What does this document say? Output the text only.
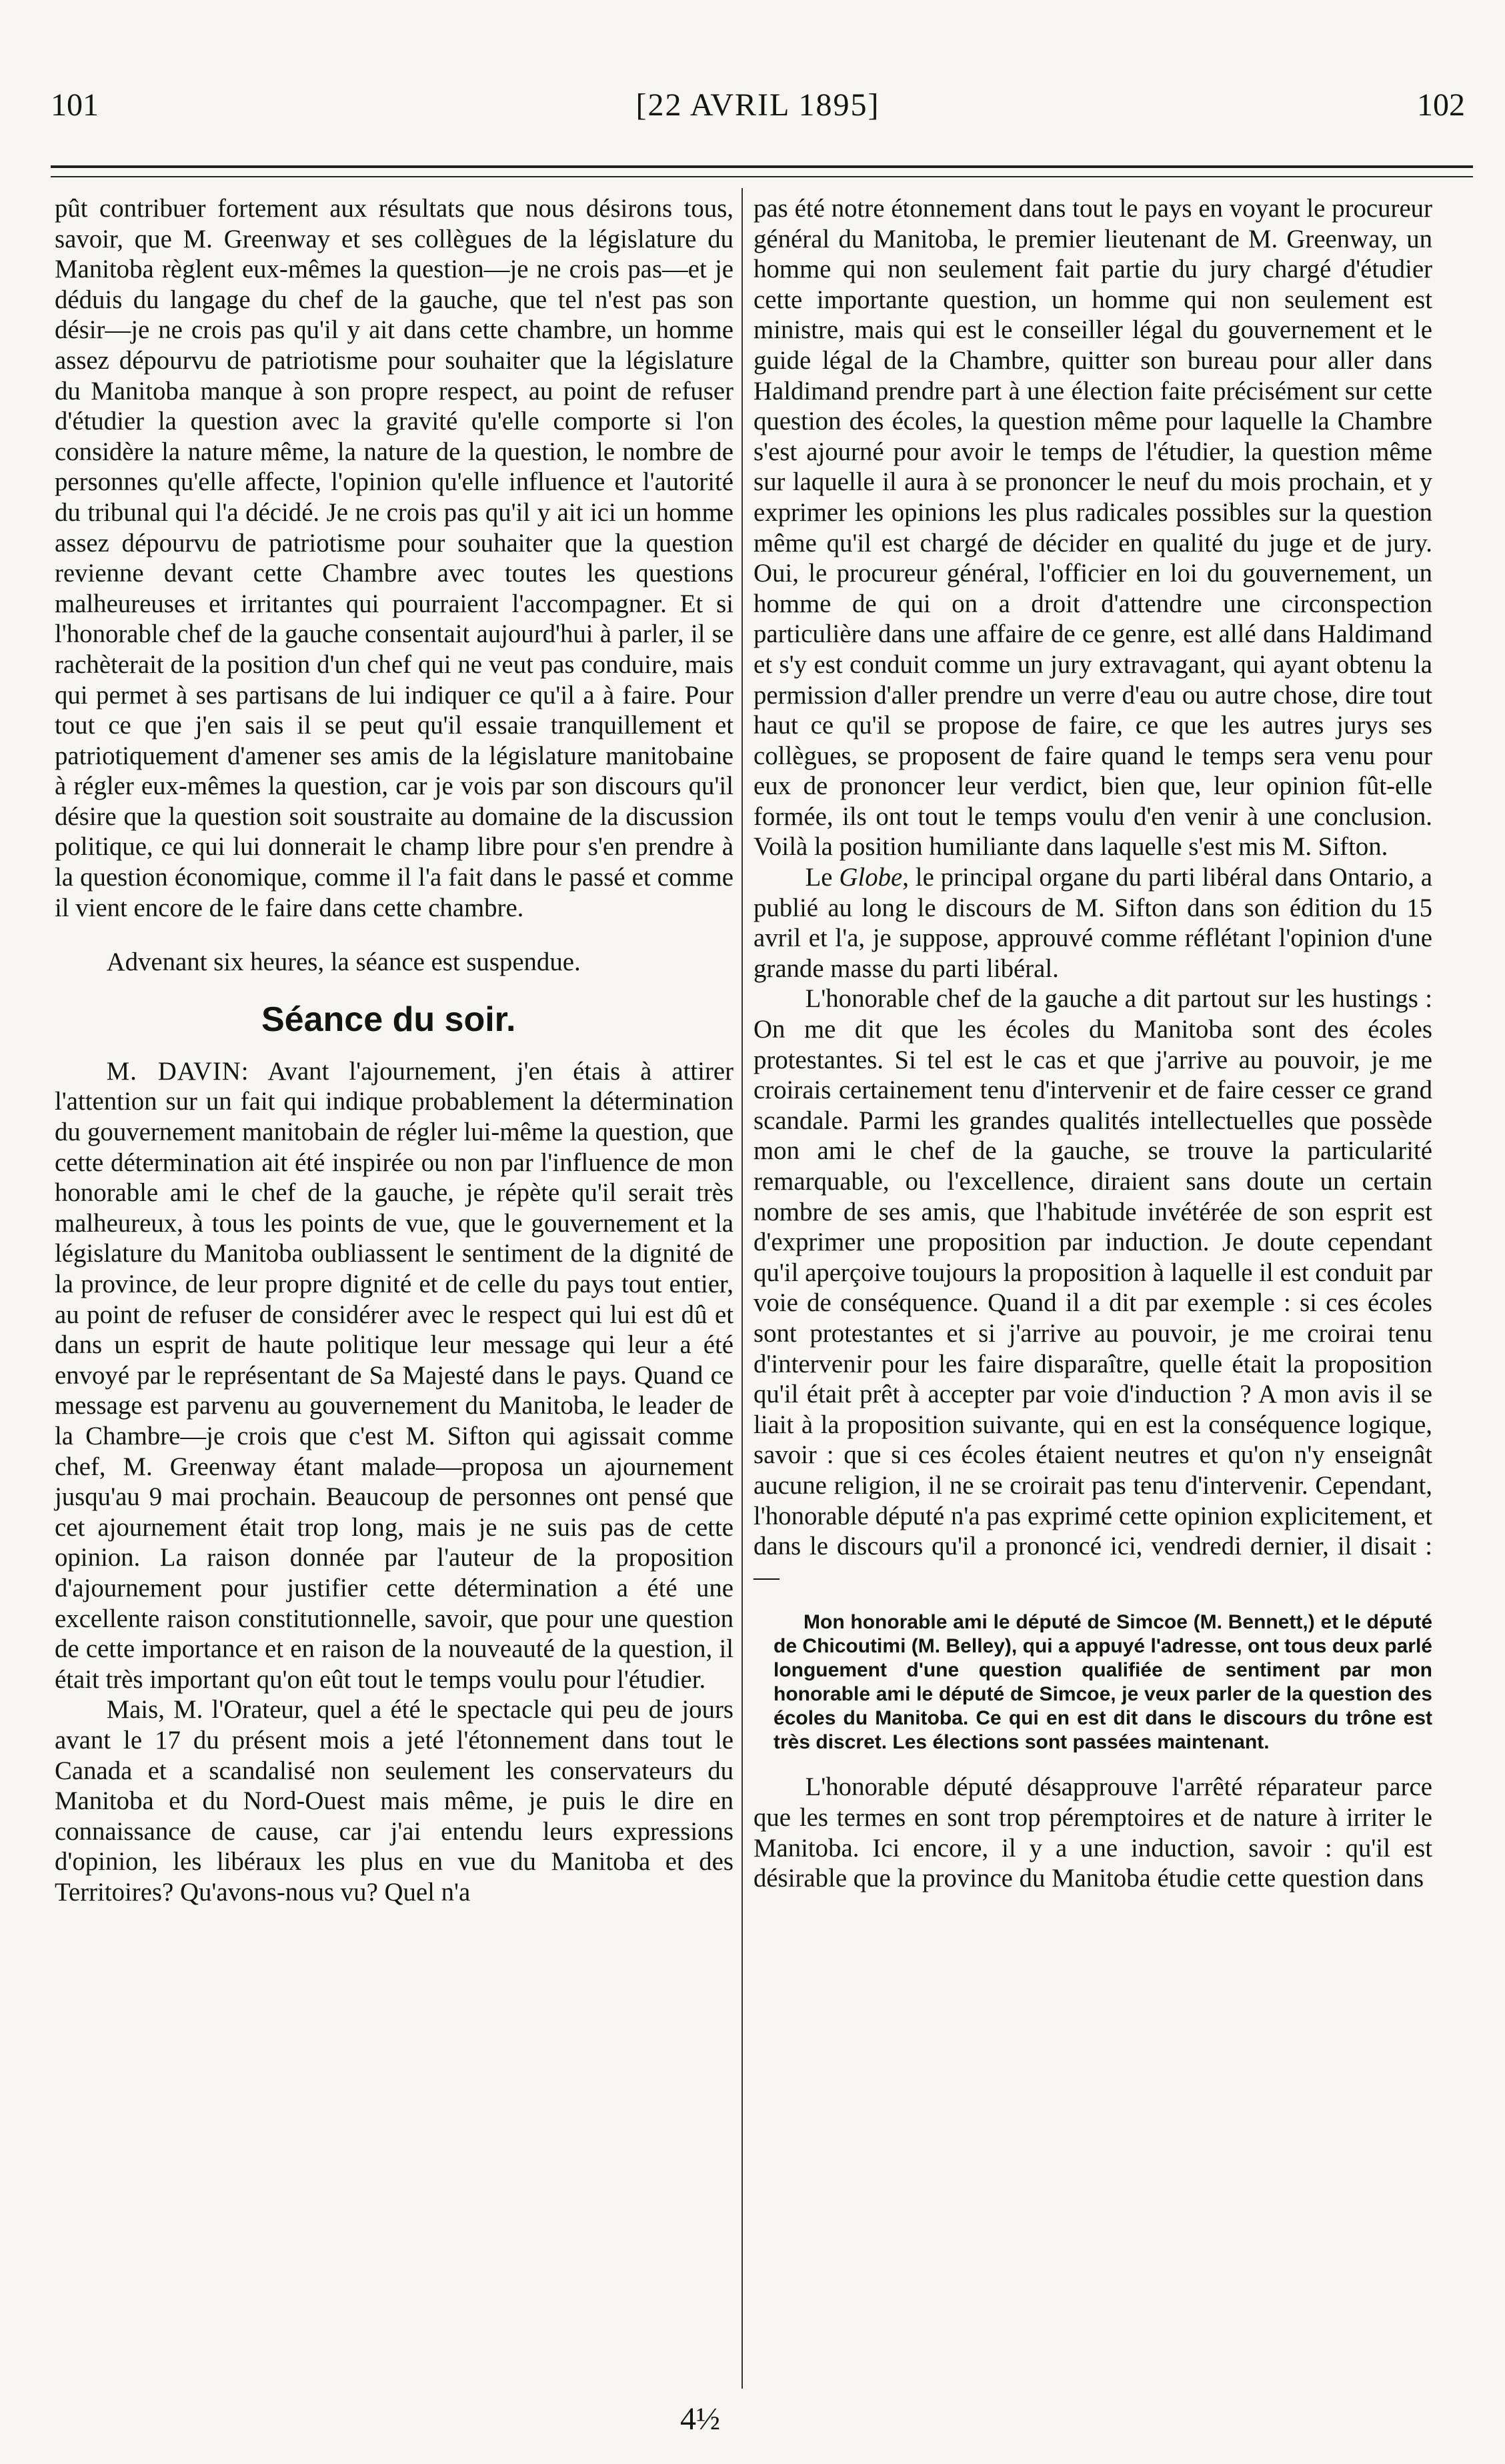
101	[22 AVRIL 1895]	102

pût contribuer fortement aux résultats que nous désirons tous, savoir, que M. Greenway et ses collègues de la législature du Manitoba règlent eux-mêmes la question—je ne crois pas—et je déduis du langage du chef de la gauche, que tel n'est pas son désir—je ne crois pas qu'il y ait dans cette chambre, un homme assez dépourvu de patriotisme pour souhaiter que la législature du Manitoba manque à son propre respect, au point de refuser d'étudier la question avec la gravité qu'elle comporte si l'on considère la nature même, la nature de la question, le nombre de personnes qu'elle affecte, l'opinion qu'elle influence et l'autorité du tribunal qui l'a décidé. Je ne crois pas qu'il y ait ici un homme assez dépourvu de patriotisme pour souhaiter que la question revienne devant cette Chambre avec toutes les questions malheureuses et irritantes qui pourraient l'accompagner. Et si l'honorable chef de la gauche consentait aujourd'hui à parler, il se rachèterait de la position d'un chef qui ne veut pas conduire, mais qui permet à ses partisans de lui indiquer ce qu'il a à faire. Pour tout ce que j'en sais il se peut qu'il essaie tranquillement et patriotiquement d'amener ses amis de la législature manitobaine à régler eux-mêmes la question, car je vois par son discours qu'il désire que la question soit soustraite au domaine de la discussion politique, ce qui lui donnerait le champ libre pour s'en prendre à la question économique, comme il l'a fait dans le passé et comme il vient encore de le faire dans cette chambre.

Advenant six heures, la séance est suspendue.

Séance du soir.

M. DAVIN: Avant l'ajournement, j'en étais à attirer l'attention sur un fait qui indique probablement la détermination du gouvernement manitobain de régler lui-même la question, que cette détermination ait été inspirée ou non par l'influence de mon honorable ami le chef de la gauche, je répète qu'il serait très malheureux, à tous les points de vue, que le gouvernement et la législature du Manitoba oubliassent le sentiment de la dignité de la province, de leur propre dignité et de celle du pays tout entier, au point de refuser de considérer avec le respect qui lui est dû et dans un esprit de haute politique leur message qui leur a été envoyé par le représentant de Sa Majesté dans le pays. Quand ce message est parvenu au gouvernement du Manitoba, le leader de la Chambre—je crois que c'est M. Sifton qui agissait comme chef, M. Greenway étant malade—proposa un ajournement jusqu'au 9 mai prochain. Beaucoup de personnes ont pensé que cet ajournement était trop long, mais je ne suis pas de cette opinion. La raison donnée par l'auteur de la proposition d'ajournement pour justifier cette détermination a été une excellente raison constitutionnelle, savoir, que pour une question de cette importance et en raison de la nouveauté de la question, il était très important qu'on eût tout le temps voulu pour l'étudier.

Mais, M. l'Orateur, quel a été le spectacle qui peu de jours avant le 17 du présent mois a jeté l'étonnement dans tout le Canada et a scandalisé non seulement les conservateurs du Manitoba et du Nord-Ouest mais même, je puis le dire en connaissance de cause, car j'ai entendu leurs expressions d'opinion, les libéraux les plus en vue du Manitoba et des Territoires? Qu'avons-nous vu? Quel n'a

pas été notre étonnement dans tout le pays en voyant le procureur général du Manitoba, le premier lieutenant de M. Greenway, un homme qui non seulement fait partie du jury chargé d'étudier cette importante question, un homme qui non seulement est ministre, mais qui est le conseiller légal du gouvernement et le guide légal de la Chambre, quitter son bureau pour aller dans Haldimand prendre part à une élection faite précisément sur cette question des écoles, la question même pour laquelle la Chambre s'est ajourné pour avoir le temps de l'étudier, la question même sur laquelle il aura à se prononcer le neuf du mois prochain, et y exprimer les opinions les plus radicales possibles sur la question même qu'il est chargé de décider en qualité du juge et de jury. Oui, le procureur général, l'officier en loi du gouvernement, un homme de qui on a droit d'attendre une circonspection particulière dans une affaire de ce genre, est allé dans Haldimand et s'y est conduit comme un jury extravagant, qui ayant obtenu la permission d'aller prendre un verre d'eau ou autre chose, dire tout haut ce qu'il se propose de faire, ce que les autres jurys ses collègues, se proposent de faire quand le temps sera venu pour eux de prononcer leur verdict, bien que, leur opinion fût-elle formée, ils ont tout le temps voulu d'en venir à une conclusion. Voilà la position humiliante dans laquelle s'est mis M. Sifton.

Le Globe, le principal organe du parti libéral dans Ontario, a publié au long le discours de M. Sifton dans son édition du 15 avril et l'a, je suppose, approuvé comme réflétant l'opinion d'une grande masse du parti libéral.

L'honorable chef de la gauche a dit partout sur les hustings : On me dit que les écoles du Manitoba sont des écoles protestantes. Si tel est le cas et que j'arrive au pouvoir, je me croirais certainement tenu d'intervenir et de faire cesser ce grand scandale. Parmi les grandes qualités intellectuelles que possède mon ami le chef de la gauche, se trouve la particularité remarquable, ou l'excellence, diraient sans doute un certain nombre de ses amis, que l'habitude invétérée de son esprit est d'exprimer une proposition par induction. Je doute cependant qu'il aperçoive toujours la proposition à laquelle il est conduit par voie de conséquence. Quand il a dit par exemple : si ces écoles sont protestantes et si j'arrive au pouvoir, je me croirai tenu d'intervenir pour les faire disparaître, quelle était la proposition qu'il était prêt à accepter par voie d'induction ? A mon avis il se liait à la proposition suivante, qui en est la conséquence logique, savoir : que si ces écoles étaient neutres et qu'on n'y enseignât aucune religion, il ne se croirait pas tenu d'intervenir. Cependant, l'honorable député n'a pas exprimé cette opinion explicitement, et dans le discours qu'il a prononcé ici, vendredi dernier, il disait :—

Mon honorable ami le député de Simcoe (M. Bennett,) et le député de Chicoutimi (M. Belley), qui a appuyé l'adresse, ont tous deux parlé longuement d'une question qualifiée de sentiment par mon honorable ami le député de Simcoe, je veux parler de la question des écoles du Manitoba. Ce qui en est dit dans le discours du trône est très discret. Les élections sont passées maintenant.

L'honorable député désapprouve l'arrêté réparateur parce que les termes en sont trop péremptoires et de nature à irriter le Manitoba. Ici encore, il y a une induction, savoir : qu'il est désirable que la province du Manitoba étudie cette question dans

4½
